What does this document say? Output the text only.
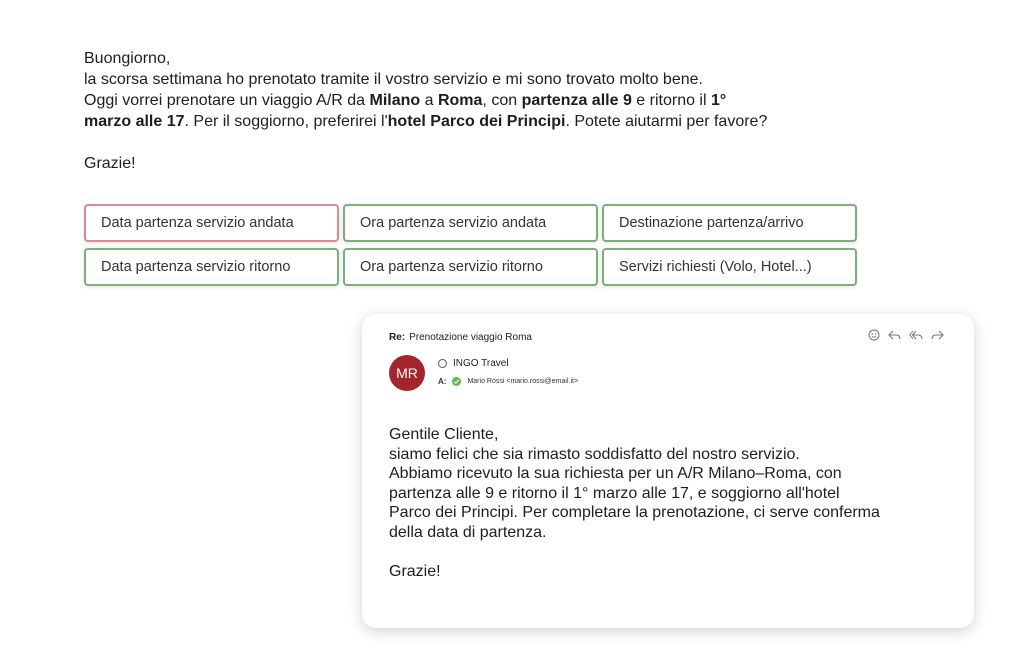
Buongiorno,

la scorsa settimana ho prenotato tramite il vostro servizio e mi sono trovato molto bene.

Oggi vorrei prenotare un viaggio A/R da Milano a Roma, con partenza alle 9 e ritorno il 1°

marzo alle 17. Per il soggiorno, preferirei l'hotel Parco dei Principi. Potete aiutarmi per favore?

Grazie!

Data partenza servizio andata	Ora partenza servizio andata	Destinazione partenza/arrivo
Data partenza servizio ritorno	Ora partenza servizio ritorno	Servizi richiesti (Volo, Hotel...)
Re: Prenotazione viaggio Roma
MR
INGO Travel
A:	Mario Rossi <mario.rossi@email.it>

Gentile Cliente,

siamo felici che sia rimasto soddisfatto del nostro servizio.

Abbiamo ricevuto la sua richiesta per un A/R Milano–Roma, con

partenza alle 9 e ritorno il 1° marzo alle 17, e soggiorno all'hotel

Parco dei Principi. Per completare la prenotazione, ci serve conferma

della data di partenza.

Grazie!
